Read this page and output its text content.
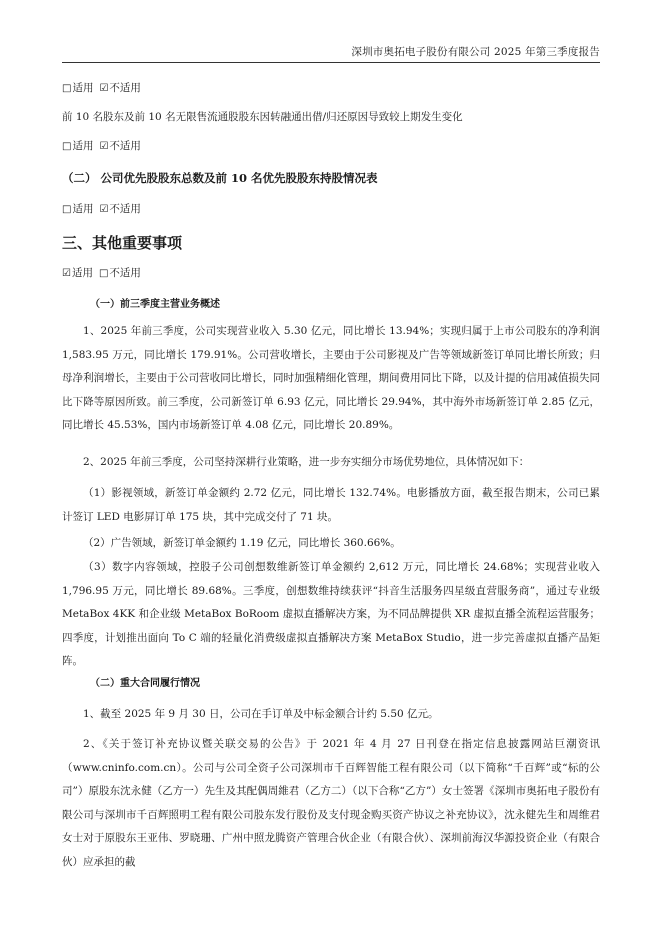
深圳市奥拓电子股份有限公司 2025 年第三季度报告
□适用 ☑不适用
前 10 名股东及前 10 名无限售流通股股东因转融通出借/归还原因导致较上期发生变化
□适用 ☑不适用
（二） 公司优先股股东总数及前 10 名优先股股东持股情况表
□适用 ☑不适用
三、其他重要事项
☑适用 □不适用
（一）前三季度主营业务概述
1、2025 年前三季度，公司实现营业收入 5.30 亿元，同比增长 13.94%；实现归属于上市公司股东的净利润 1,583.95 万元，同比增长 179.91%。公司营收增长，主要由于公司影视及广告等领域新签订单同比增长所致；归母净利润增长，主要由于公司营收同比增长，同时加强精细化管理，期间费用同比下降，以及计提的信用减值损失同比下降等原因所致。前三季度，公司新签订单 6.93 亿元，同比增长 29.94%，其中海外市场新签订单 2.85 亿元，同比增长 45.53%，国内市场新签订单 4.08 亿元，同比增长 20.89%。
2、2025 年前三季度，公司坚持深耕行业策略，进一步夯实细分市场优势地位，具体情况如下：
（1）影视领域，新签订单金额约 2.72 亿元，同比增长 132.74%。电影播放方面，截至报告期末，公司已累计签订 LED 电影屏订单 175 块，其中完成交付了 71 块。
（2）广告领域，新签订单金额约 1.19 亿元，同比增长 360.66%。
（3）数字内容领域，控股子公司创想数维新签订单金额约 2,612 万元，同比增长 24.68%；实现营业收入 1,796.95 万元，同比增长 89.68%。三季度，创想数维持续获评“抖音生活服务四星级直营服务商”，通过专业级 MetaBox 4KK 和企业级 MetaBox BoRoom 虚拟直播解决方案，为不同品牌提供 XR 虚拟直播全流程运营服务；四季度，计划推出面向 To C 端的轻量化消费级虚拟直播解决方案 MetaBox Studio，进一步完善虚拟直播产品矩阵。
（二）重大合同履行情况
1、截至 2025 年 9 月 30 日，公司在手订单及中标金额合计约 5.50 亿元。
2、《关于签订补充协议暨关联交易的公告》于 2021 年 4 月 27 日刊登在指定信息披露网站巨潮资讯（www.cninfo.com.cn）。公司与公司全资子公司深圳市千百辉智能工程有限公司（以下简称“千百辉”或“标的公司”）原股东沈永健（乙方一）先生及其配偶周維君（乙方二）（以下合称“乙方”）女士签署《深圳市奥拓电子股份有限公司与深圳市千百辉照明工程有限公司股东发行股份及支付现金购买资产协议之补充协议》，沈永健先生和周维君女士对于原股东王亚伟、罗晓珊、广州中照龙腾资产管理合伙企业（有限合伙）、深圳前海汉华源投资企业（有限合伙）应承担的截
